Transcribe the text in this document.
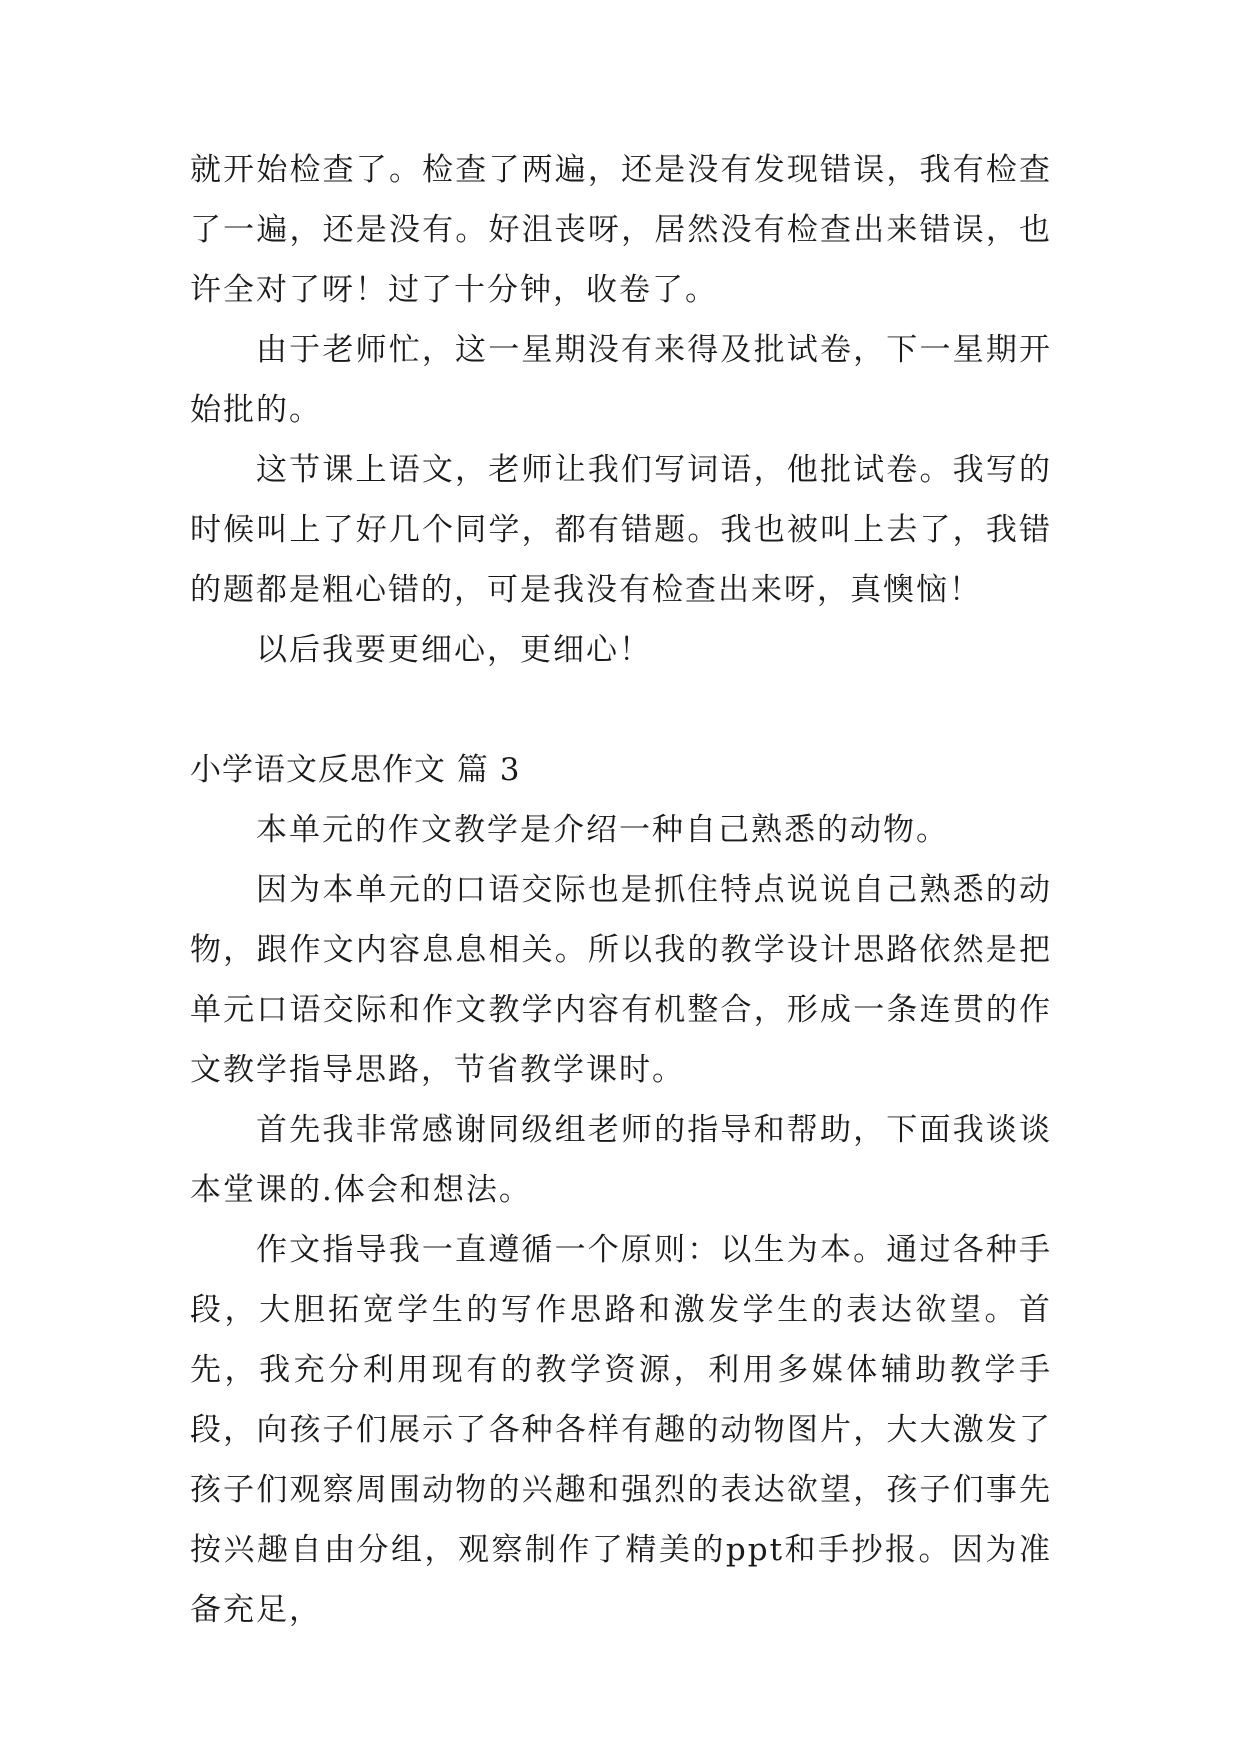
就开始检查了。检查了两遍，还是没有发现错误，我有检查了一遍，还是没有。好沮丧呀，居然没有检查出来错误，也许全对了呀！过了十分钟，收卷了。

由于老师忙，这一星期没有来得及批试卷，下一星期开始批的。

这节课上语文，老师让我们写词语，他批试卷。我写的时候叫上了好几个同学，都有错题。我也被叫上去了，我错的题都是粗心错的，可是我没有检查出来呀，真懊恼！

以后我要更细心，更细心！

小学语文反思作文 篇 3

本单元的作文教学是介绍一种自己熟悉的动物。

因为本单元的口语交际也是抓住特点说说自己熟悉的动物，跟作文内容息息相关。所以我的教学设计思路依然是把单元口语交际和作文教学内容有机整合，形成一条连贯的作文教学指导思路，节省教学课时。

首先我非常感谢同级组老师的指导和帮助，下面我谈谈本堂课的.体会和想法。

作文指导我一直遵循一个原则：以生为本。通过各种手段，大胆拓宽学生的写作思路和激发学生的表达欲望。首先，我充分利用现有的教学资源，利用多媒体辅助教学手段，向孩子们展示了各种各样有趣的动物图片，大大激发了孩子们观察周围动物的兴趣和强烈的表达欲望，孩子们事先按兴趣自由分组，观察制作了精美的ppt和手抄报。因为准备充足，
